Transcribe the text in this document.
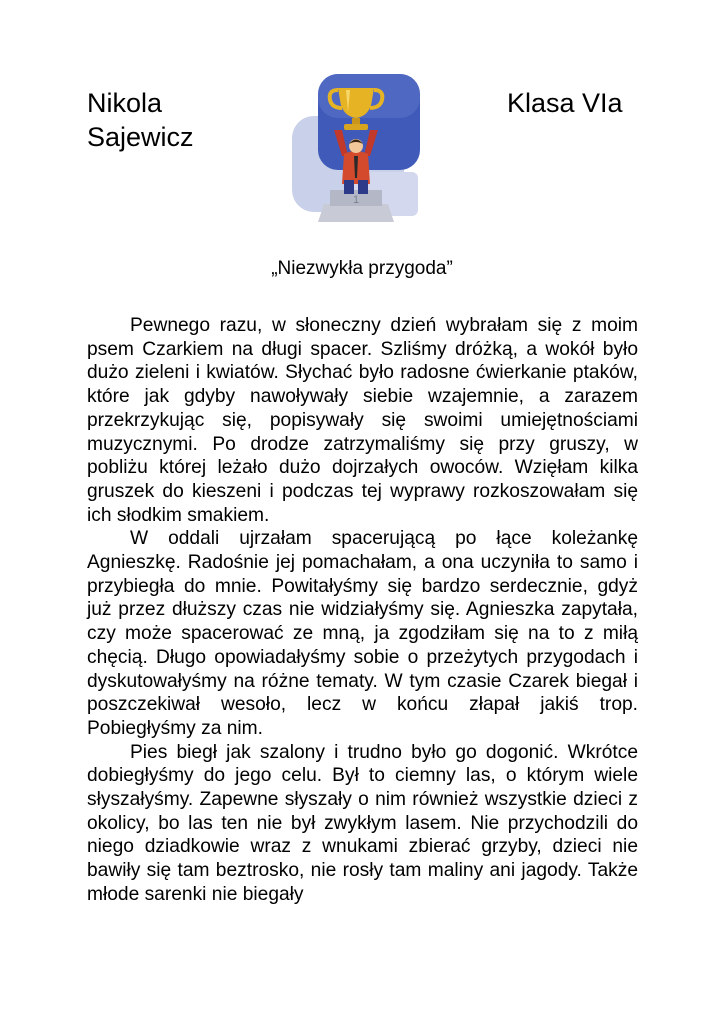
Nikola Sajewicz
Klasa VIa
1
„Niezwykła przygoda”

Pewnego razu, w słoneczny dzień wybrałam się z moim psem Czarkiem na długi spacer. Szliśmy dróżką, a wokół było dużo zieleni i kwiatów. Słychać było radosne ćwierkanie ptaków, które jak gdyby nawoływały siebie wzajemnie, a zarazem przekrzykując się, popisywały się swoimi umiejętnościami muzycznymi. Po drodze zatrzymaliśmy się przy gruszy, w pobliżu której leżało dużo dojrzałych owoców. Wzięłam kilka gruszek do kieszeni i podczas tej wyprawy rozkoszowałam się ich słodkim smakiem.

W oddali ujrzałam spacerującą po łące koleżankę Agnieszkę. Radośnie jej pomachałam, a ona uczyniła to samo i przybiegła do mnie. Powitałyśmy się bardzo serdecznie, gdyż już przez dłuższy czas nie widziałyśmy się. Agnieszka zapytała, czy może spacerować ze mną, ja zgodziłam się na to z miłą chęcią. Długo opowiadałyśmy sobie o przeżytych przygodach i dyskutowałyśmy na różne tematy. W tym czasie Czarek biegał i poszczekiwał wesoło, lecz w końcu złapał jakiś trop. Pobiegłyśmy za nim.

Pies biegł jak szalony i trudno było go dogonić. Wkrótce dobiegłyśmy do jego celu. Był to ciemny las, o którym wiele słyszałyśmy. Zapewne słyszały o nim również wszystkie dzieci z okolicy, bo las ten nie był zwykłym lasem. Nie przychodzili do niego dziadkowie wraz z wnukami zbierać grzyby, dzieci nie bawiły się tam beztrosko, nie rosły tam maliny ani jagody. Także młode sarenki nie biegały
